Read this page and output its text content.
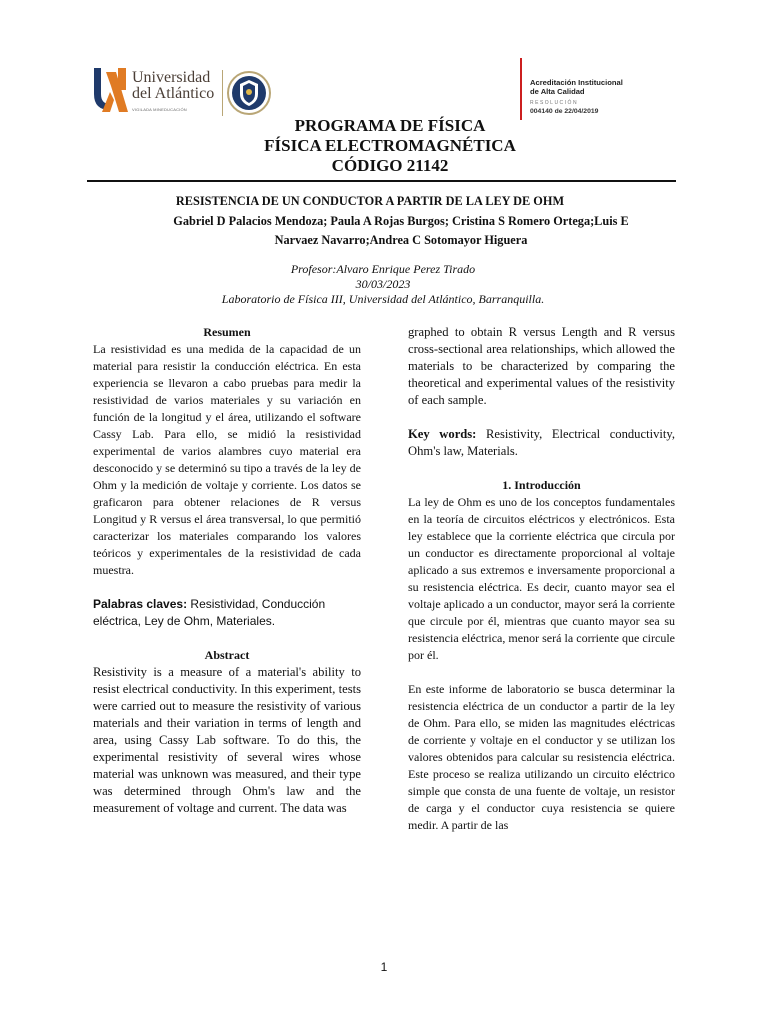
Universidad
del Atlántico
VIGILADA MINEDUCACIÓN
Acreditación Institucional
de Alta Calidad
RESOLUCIÓN
004140 de 22/04/2019
PROGRAMA DE FÍSICA
FÍSICA ELECTROMAGNÉTICA
CÓDIGO 21142
RESISTENCIA DE UN CONDUCTOR A PARTIR DE LA LEY DE OHM
Gabriel D Palacios Mendoza; Paula A Rojas Burgos; Cristina S Romero Ortega;Luis E Narvaez Navarro;Andrea C Sotomayor Higuera
Profesor:Alvaro Enrique Perez Tirado
30/03/2023
Laboratorio de Física III, Universidad del Atlántico, Barranquilla.

Resumen

La resistividad es una medida de la capacidad de un material para resistir la conducción eléctrica. En esta experiencia se llevaron a cabo pruebas para medir la resistividad de varios materiales y su variación en función de la longitud y el área, utilizando el software Cassy Lab. Para ello, se midió la resistividad experimental de varios alambres cuyo material era desconocido y se determinó su tipo a través de la ley de Ohm y la medición de voltaje y corriente. Los datos se graficaron para obtener relaciones de R versus Longitud y R versus el área transversal, lo que permitió caracterizar los materiales comparando los valores teóricos y experimentales de la resistividad de cada muestra.

Palabras claves: Resistividad, Conducción eléctrica, Ley de Ohm, Materiales.

Abstract

Resistivity is a measure of a material's ability to resist electrical conductivity. In this experiment, tests were carried out to measure the resistivity of various materials and their variation in terms of length and area, using Cassy Lab software. To do this, the experimental resistivity of several wires whose material was unknown was measured, and their type was determined through Ohm's law and the measurement of voltage and current. The data was

graphed to obtain R versus Length and R versus cross-sectional area relationships, which allowed the materials to be characterized by comparing the theoretical and experimental values of the resistivity of each sample.

Key words: Resistivity, Electrical conductivity, Ohm's law, Materials.

1. Introducción

La ley de Ohm es uno de los conceptos fundamentales en la teoría de circuitos eléctricos y electrónicos. Esta ley establece que la corriente eléctrica que circula por un conductor es directamente proporcional al voltaje aplicado a sus extremos e inversamente proporcional a su resistencia eléctrica. Es decir, cuanto mayor sea el voltaje aplicado a un conductor, mayor será la corriente que circule por él, mientras que cuanto mayor sea su resistencia eléctrica, menor será la corriente que circule por él.

En este informe de laboratorio se busca determinar la resistencia eléctrica de un conductor a partir de la ley de Ohm. Para ello, se miden las magnitudes eléctricas de corriente y voltaje en el conductor y se utilizan los valores obtenidos para calcular su resistencia eléctrica. Este proceso se realiza utilizando un circuito eléctrico simple que consta de una fuente de voltaje, un resistor de carga y el conductor cuya resistencia se quiere medir. A partir de las

1
